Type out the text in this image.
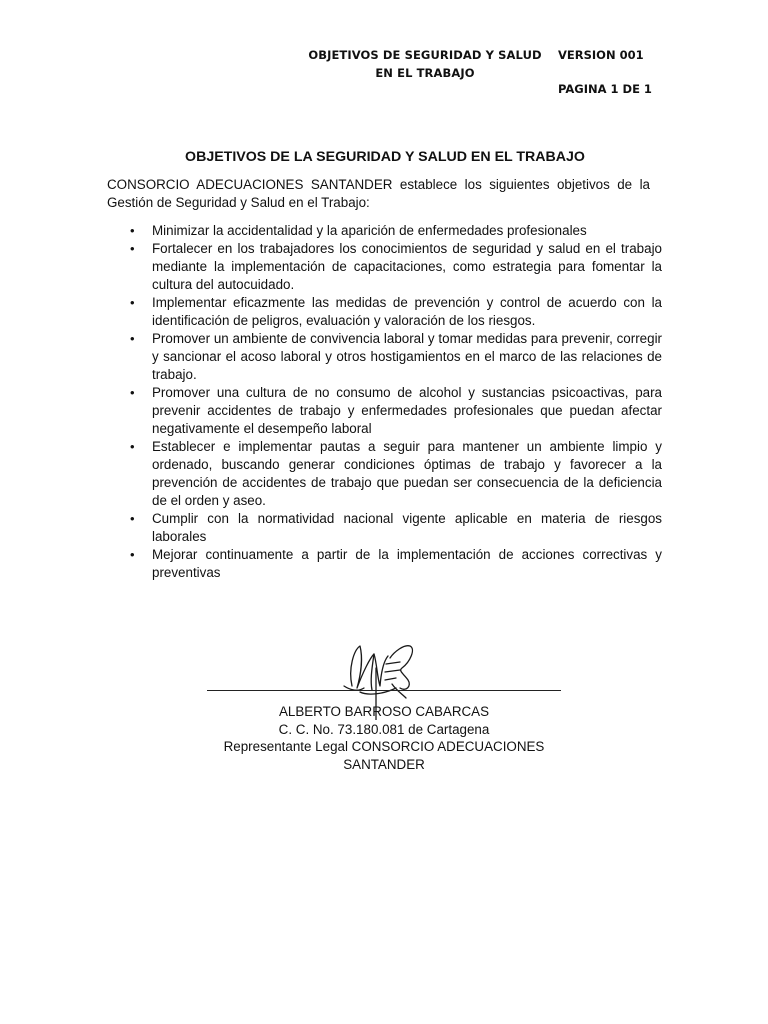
OBJETIVOS DE SEGURIDAD Y SALUD EN EL TRABAJO
VERSION 001
PAGINA 1 DE 1
OBJETIVOS DE LA SEGURIDAD Y SALUD EN EL TRABAJO
CONSORCIO ADECUACIONES SANTANDER establece los siguientes objetivos de la Gestión de Seguridad y Salud en el Trabajo:
• Minimizar la accidentalidad y la aparición de enfermedades profesionales
• Fortalecer en los trabajadores los conocimientos de seguridad y salud en el trabajo mediante la implementación de capacitaciones, como estrategia para fomentar la cultura del autocuidado.
• Implementar eficazmente las medidas de prevención y control de acuerdo con la identificación de peligros, evaluación y valoración de los riesgos.
• Promover un ambiente de convivencia laboral y tomar medidas para prevenir, corregir y sancionar el acoso laboral y otros hostigamientos en el marco de las relaciones de trabajo.
• Promover una cultura de no consumo de alcohol y sustancias psicoactivas, para prevenir accidentes de trabajo y enfermedades profesionales que puedan afectar negativamente el desempeño laboral
• Establecer e implementar pautas a seguir para mantener un ambiente limpio y ordenado, buscando generar condiciones óptimas de trabajo y favorecer a la prevención de accidentes de trabajo que puedan ser consecuencia de la deficiencia de el orden y aseo.
• Cumplir con la normatividad nacional vigente aplicable en materia de riesgos laborales
• Mejorar continuamente a partir de la implementación de acciones correctivas y preventivas
ALBERTO BARROSO CABARCAS
C. C. No. 73.180.081 de Cartagena
Representante Legal CONSORCIO ADECUACIONES
SANTANDER
